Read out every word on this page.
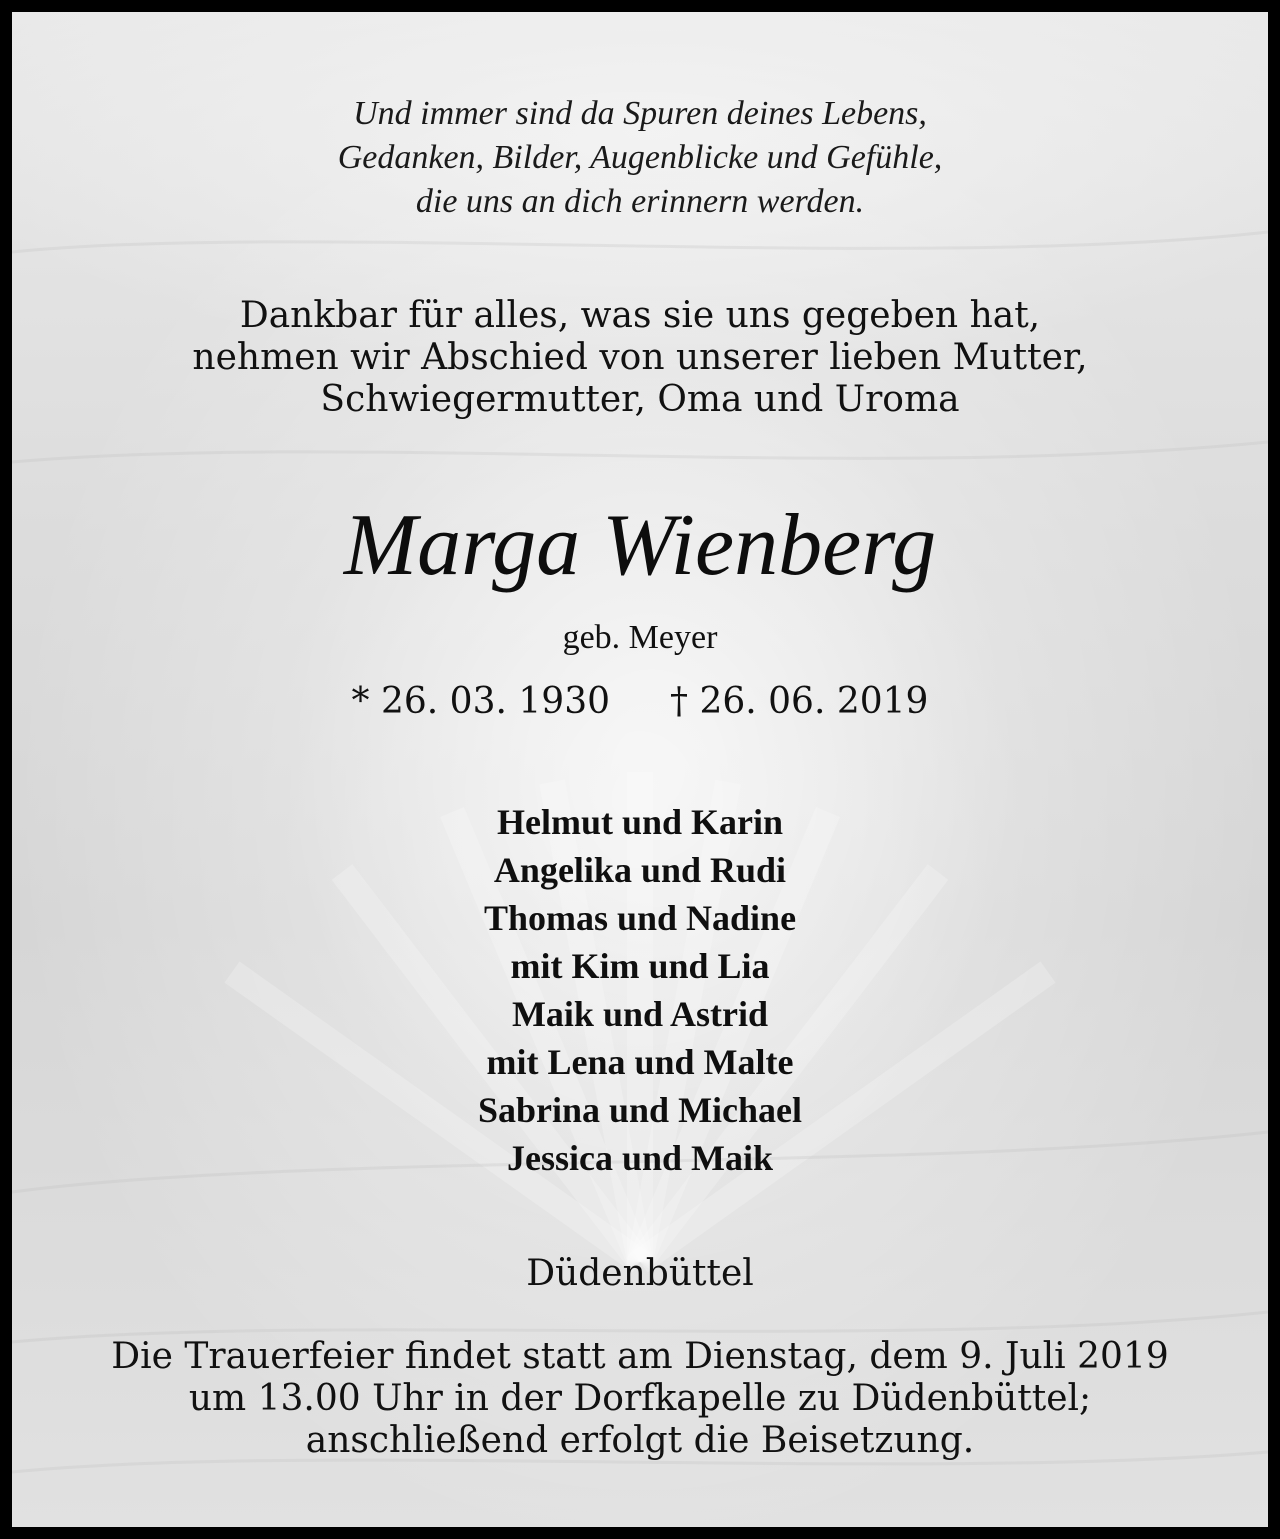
Und immer sind da Spuren deines Lebens,
Gedanken, Bilder, Augenblicke und Gefühle,
die uns an dich erinnern werden.
Dankbar für alles, was sie uns gegeben hat,
nehmen wir Abschied von unserer lieben Mutter,
Schwiegermutter, Oma und Uroma
Marga Wienberg
geb. Meyer
* 26. 03. 1930 † 26. 06. 2019
Helmut und Karin
Angelika und Rudi
Thomas und Nadine
mit Kim und Lia
Maik und Astrid
mit Lena und Malte
Sabrina und Michael
Jessica und Maik
Düdenbüttel
Die Trauerfeier findet statt am Dienstag, dem 9. Juli 2019
um 13.00 Uhr in der Dorfkapelle zu Düdenbüttel;
anschließend erfolgt die Beisetzung.
